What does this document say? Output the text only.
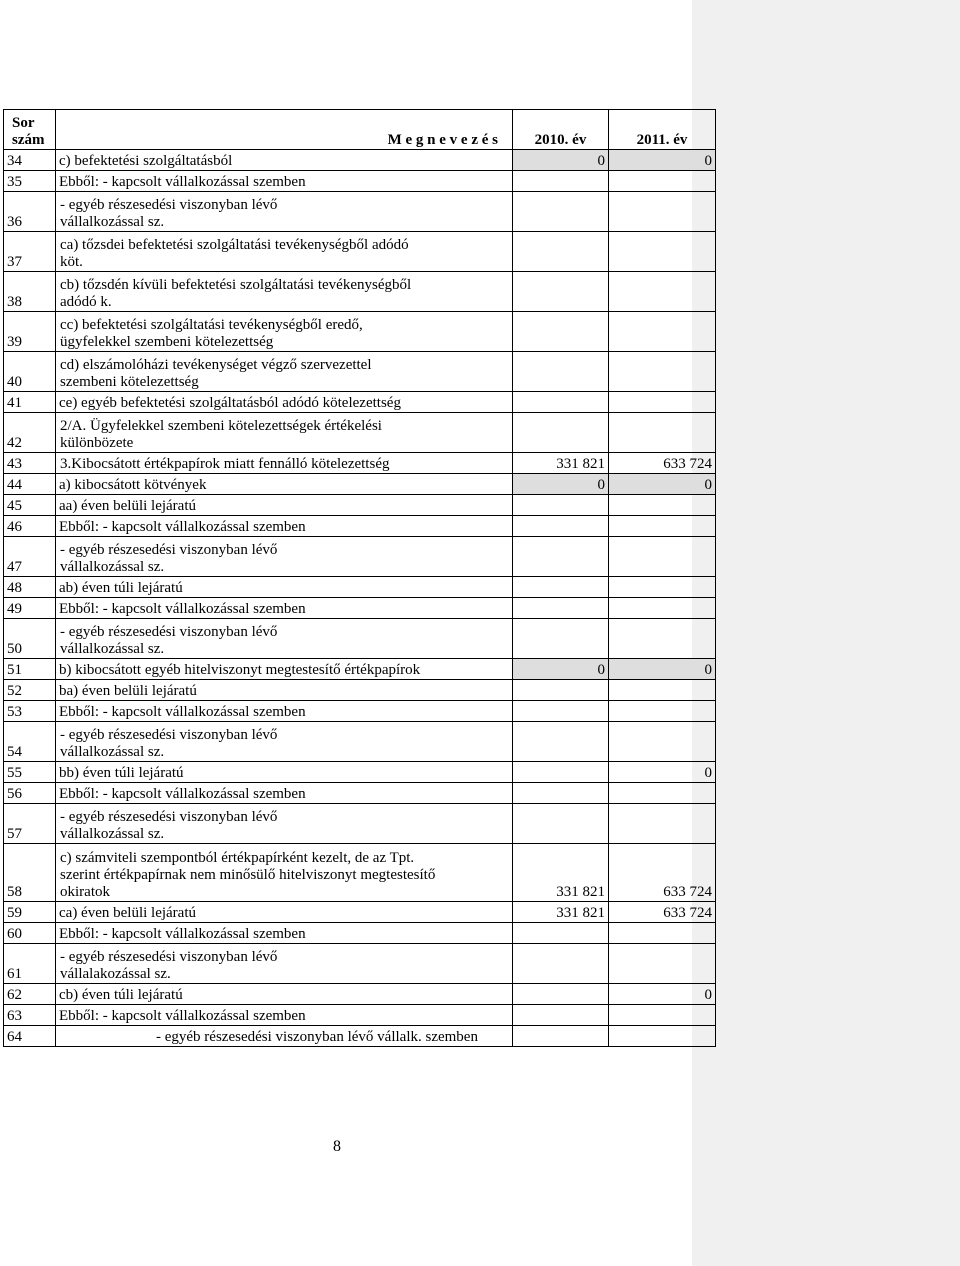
Sor
szám	M e g n e v e z é s	2010. év	2011. év
34	c) befektetési szolgáltatásból	0	0
35	Ebből: - kapcsolt vállalkozással szemben		
36	- egyéb részesedési viszonyban lévő
vállalkozással sz.		

37	ca) tőzsdei befektetési szolgáltatási tevékenységből adódó
köt.		

38	cb) tőzsdén kívüli befektetési szolgáltatási tevékenységből
adódó k.		

39	cc) befektetési szolgáltatási tevékenységből eredő,
ügyfelekkel szembeni kötelezettség		

40	cd) elszámolóházi tevékenységet végző szervezettel
szembeni kötelezettség		

41	ce) egyéb befektetési szolgáltatásból adódó kötelezettség		
42	2/A. Ügyfelekkel szembeni kötelezettségek értékelési
különbözete		

43	3.Kibocsátott értékpapírok miatt fennálló kötelezettség	331 821	633 724
44	a) kibocsátott kötvények	0	0
45	aa) éven belüli lejáratú		
46	Ebből: - kapcsolt vállalkozással szemben		
47	- egyéb részesedési viszonyban lévő
vállalkozással sz.		

48	ab) éven túli lejáratú		
49	Ebből: - kapcsolt vállalkozással szemben		
50	- egyéb részesedési viszonyban lévő
vállalkozással sz.		

51	b) kibocsátott egyéb hitelviszonyt megtestesítő értékpapírok	0	0
52	ba) éven belüli lejáratú		
53	Ebből: - kapcsolt vállalkozással szemben		
54	- egyéb részesedési viszonyban lévő
vállalkozással sz.		

55	bb) éven túli lejáratú		0
56	Ebből: - kapcsolt vállalkozással szemben		
57	- egyéb részesedési viszonyban lévő
vállalkozással sz.		

58	c) számviteli szempontból értékpapírként kezelt, de az Tpt.
szerint értékpapírnak nem minősülő hitelviszonyt megtestesítő
okiratok	331 821	633 724
59	ca) éven belüli lejáratú	331 821	633 724
60	Ebből: - kapcsolt vállalkozással szemben		
61	- egyéb részesedési viszonyban lévő
vállalakozással sz.		

62	cb) éven túli lejáratú		0
63	Ebből: - kapcsolt vállalkozással szemben		
64	- egyéb részesedési viszonyban lévő vállalk. szemben		
8
